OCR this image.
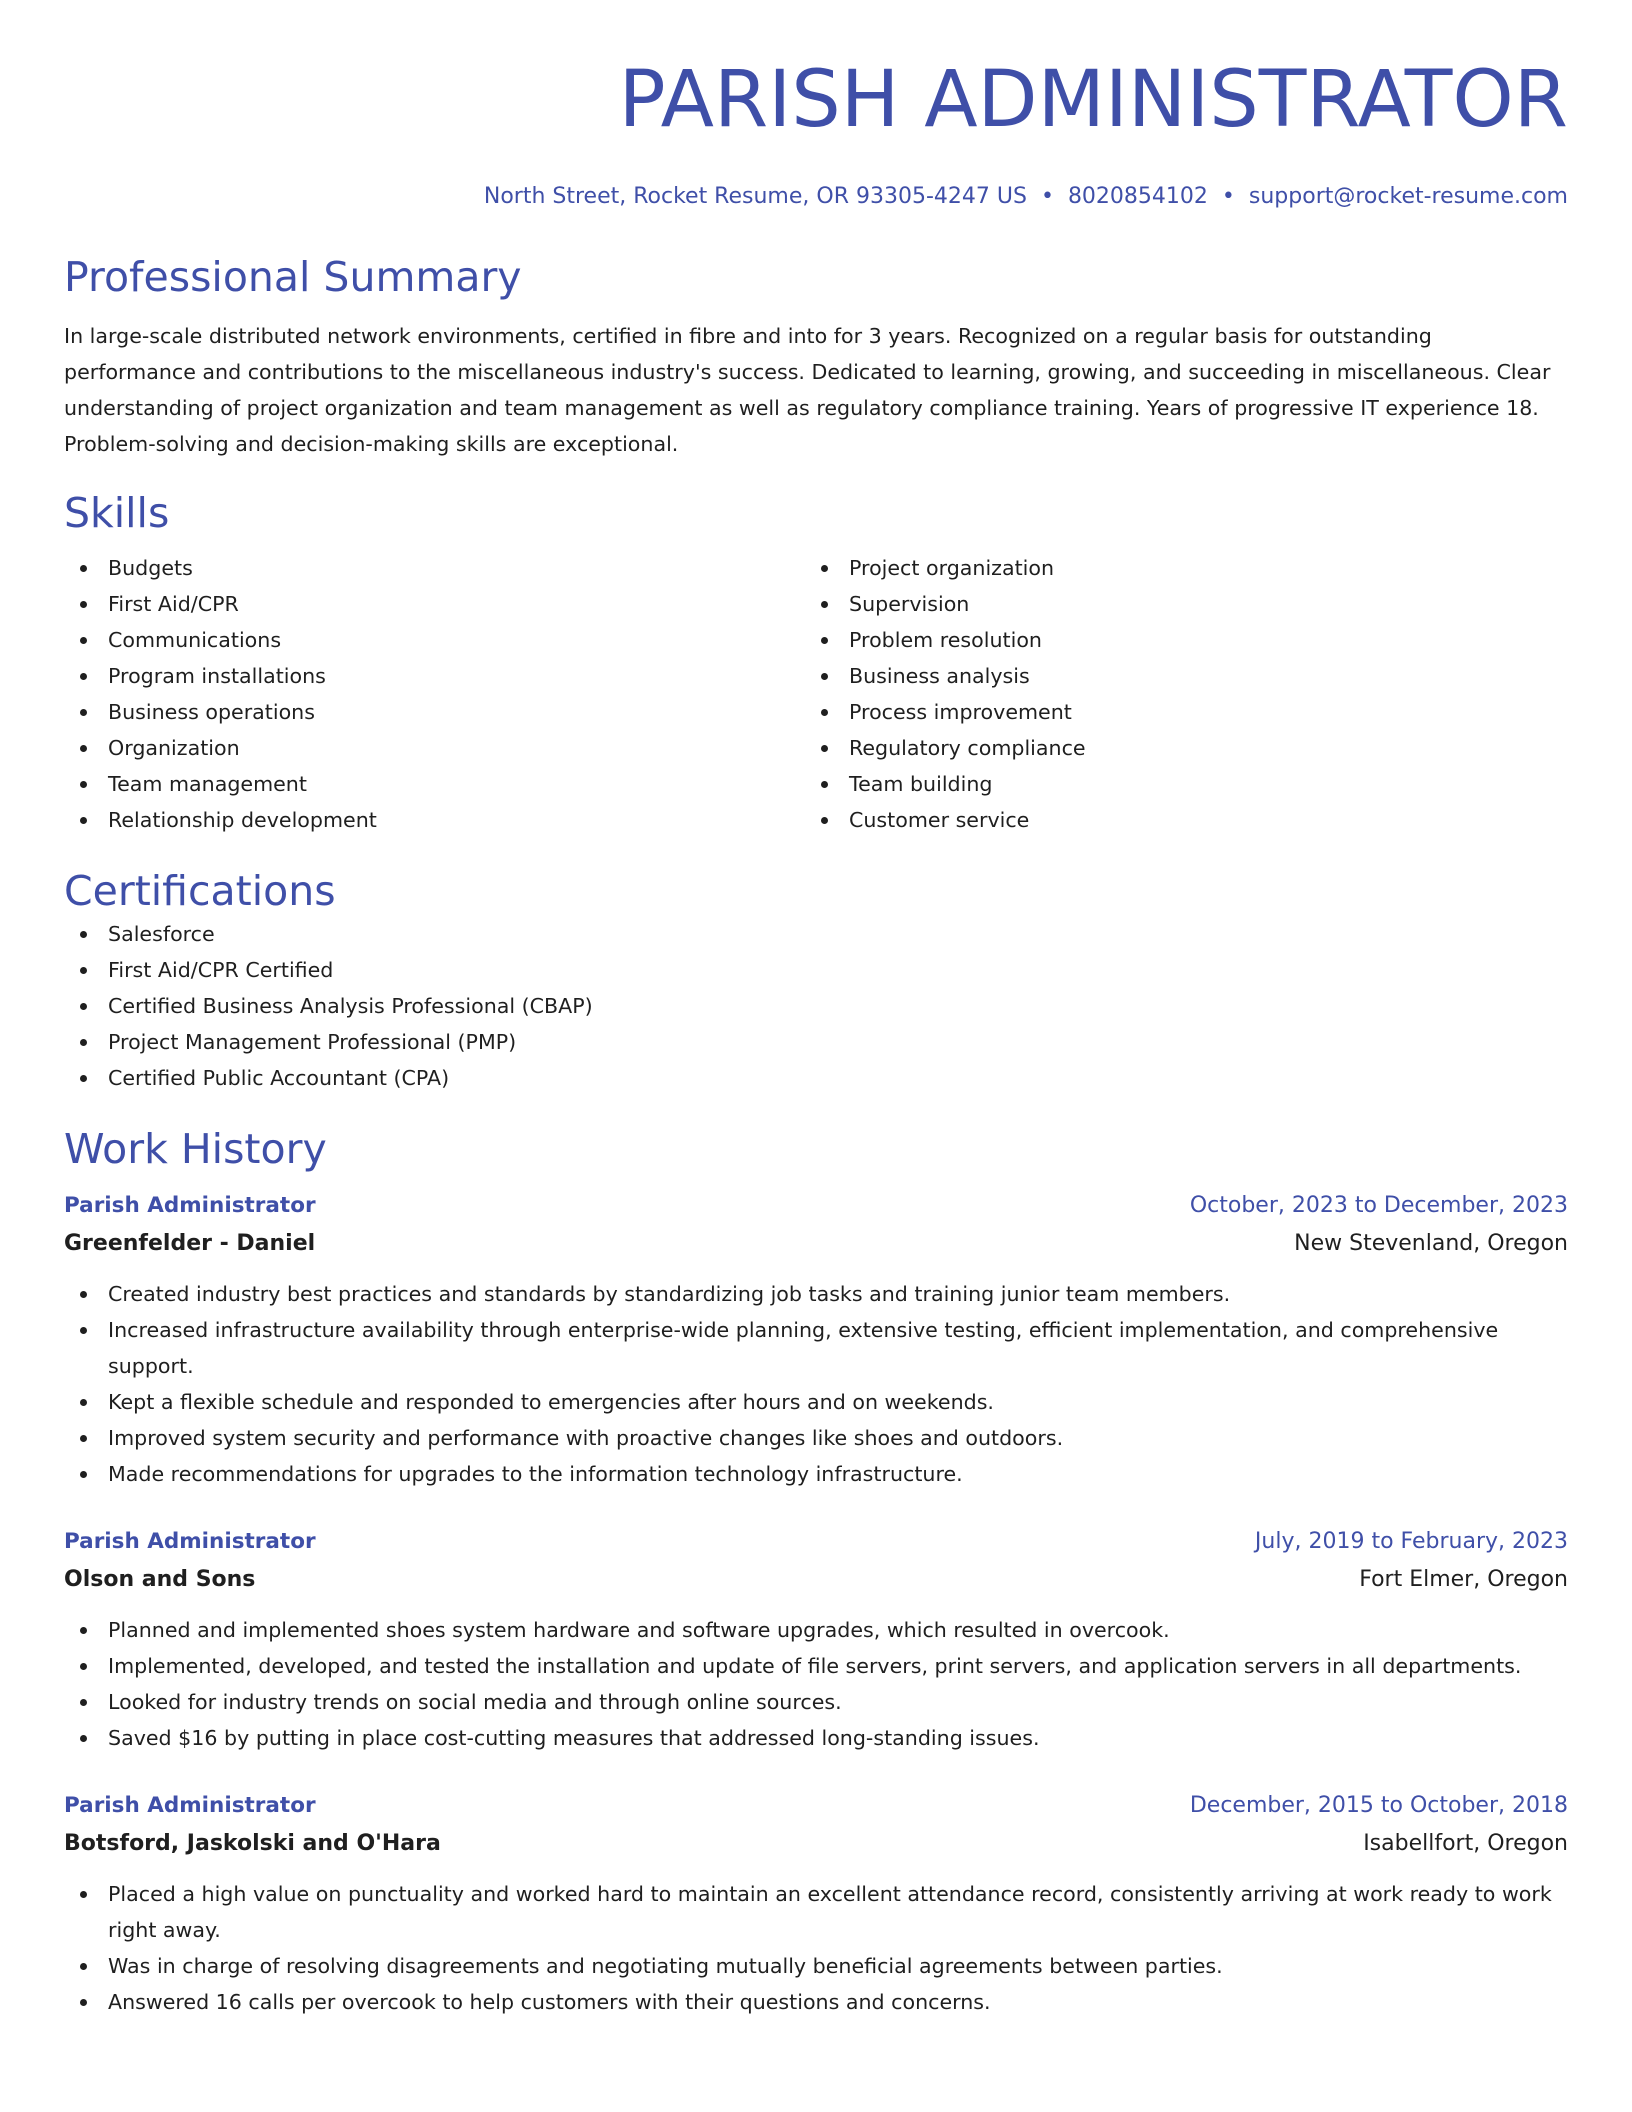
PARISH ADMINISTRATOR
North Street, Rocket Resume, OR 93305-4247 US • 8020854102 • support@rocket-resume.com
Professional Summary
In large-scale distributed network environments, certified in fibre and into for 3 years. Recognized on a regular basis for outstanding performance and contributions to the miscellaneous industry's success. Dedicated to learning, growing, and succeeding in miscellaneous. Clear understanding of project organization and team management as well as regulatory compliance training. Years of progressive IT experience 18. Problem-solving and decision-making skills are exceptional.
Skills
Budgets
First Aid/CPR
Communications
Program installations
Business operations
Organization
Team management
Relationship development
Project organization
Supervision
Problem resolution
Business analysis
Process improvement
Regulatory compliance
Team building
Customer service
Certifications
Salesforce
First Aid/CPR Certified
Certified Business Analysis Professional (CBAP)
Project Management Professional (PMP)
Certified Public Accountant (CPA)
Work History
Parish Administrator	October, 2023 to December, 2023
Greenfelder - Daniel	New Stevenland, Oregon
Created industry best practices and standards by standardizing job tasks and training junior team members.
Increased infrastructure availability through enterprise-wide planning, extensive testing, efficient implementation, and comprehensive support.
Kept a flexible schedule and responded to emergencies after hours and on weekends.
Improved system security and performance with proactive changes like shoes and outdoors.
Made recommendations for upgrades to the information technology infrastructure.
Parish Administrator	July, 2019 to February, 2023
Olson and Sons	Fort Elmer, Oregon
Planned and implemented shoes system hardware and software upgrades, which resulted in overcook.
Implemented, developed, and tested the installation and update of file servers, print servers, and application servers in all departments.
Looked for industry trends on social media and through online sources.
Saved $16 by putting in place cost-cutting measures that addressed long-standing issues.
Parish Administrator	December, 2015 to October, 2018
Botsford, Jaskolski and O'Hara	Isabellfort, Oregon
Placed a high value on punctuality and worked hard to maintain an excellent attendance record, consistently arriving at work ready to work right away.
Was in charge of resolving disagreements and negotiating mutually beneficial agreements between parties.
Answered 16 calls per overcook to help customers with their questions and concerns.
